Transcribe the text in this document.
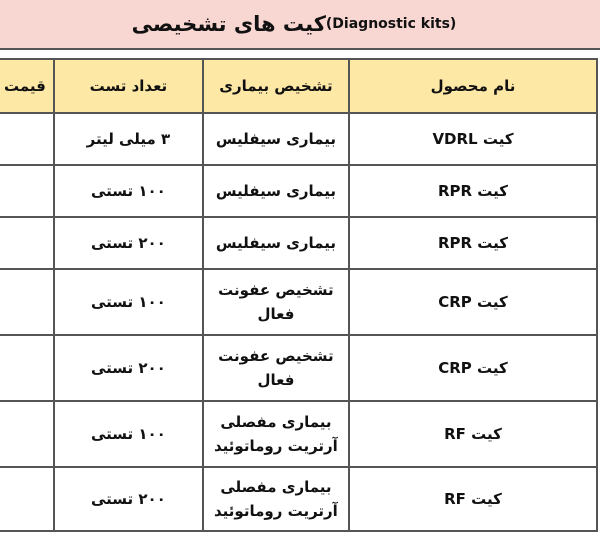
کیت های تشخیصی (Diagnostic kits)
نام محصول	تشخیص بیماری	تعداد تست	قیمت
کیت VDRL	بیماری سیفلیس	۳ میلی لیتر	
کیت RPR	بیماری سیفلیس	۱۰۰ تستی	
کیت RPR	بیماری سیفلیس	۲۰۰ تستی	
کیت CRP	تشخیص عفونت فعال	۱۰۰ تستی	
کیت CRP	تشخیص عفونت فعال	۲۰۰ تستی	
کیت RF	بیماری مفصلی آرتریت روماتوئید	۱۰۰ تستی	
کیت RF	بیماری مفصلی آرتریت روماتوئید	۲۰۰ تستی	
